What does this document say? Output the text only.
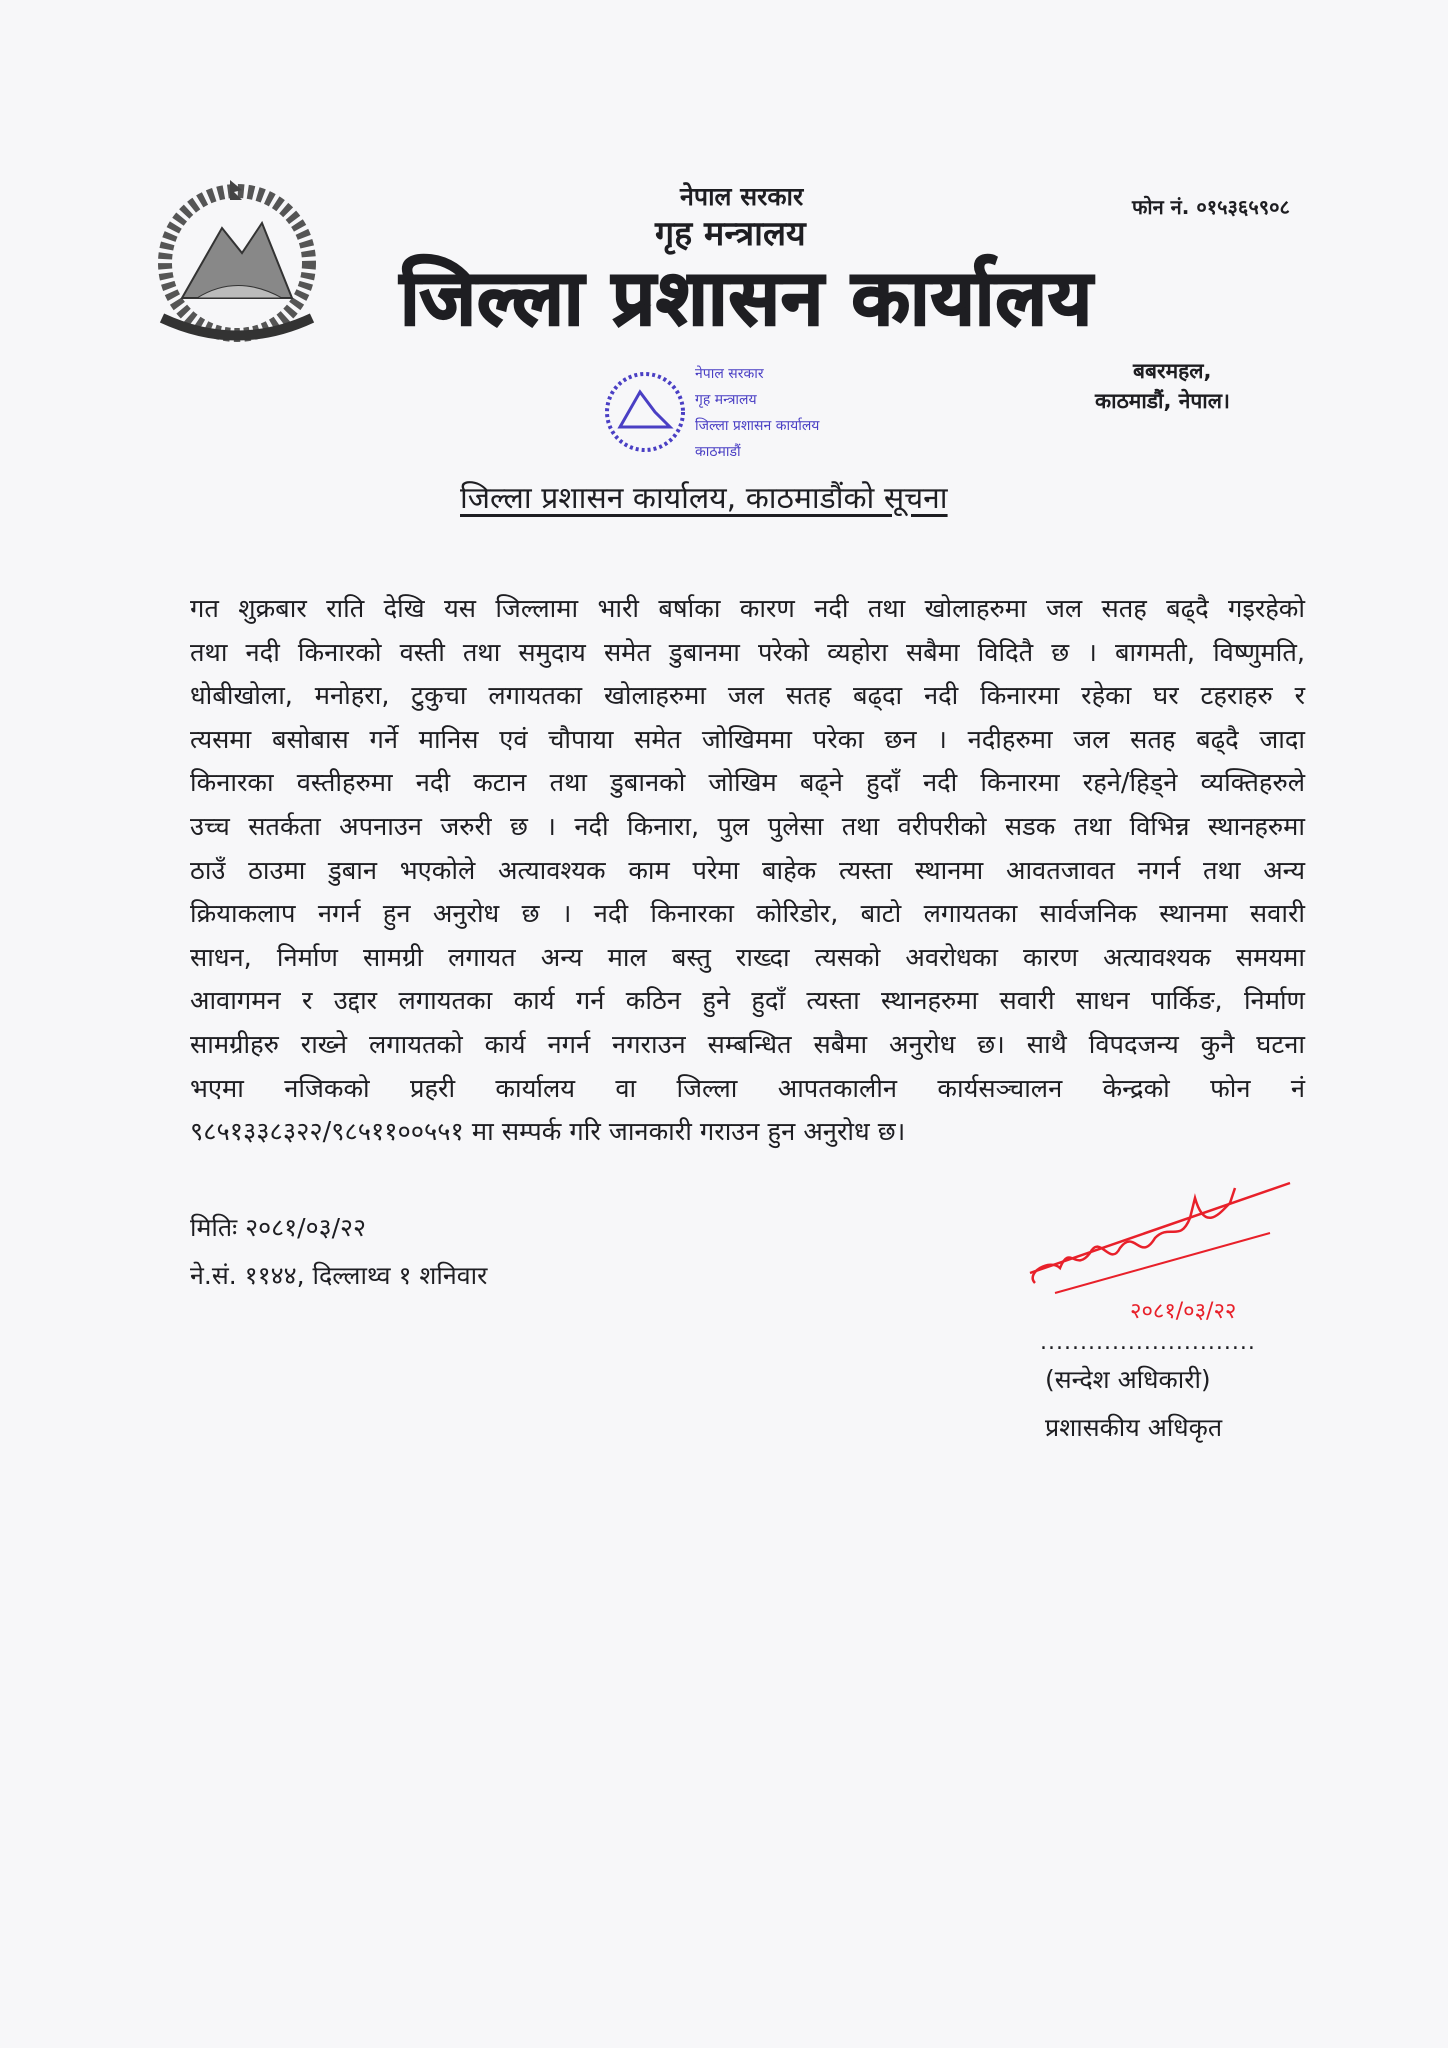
नेपाल सरकार
गृह मन्त्रालय
जिल्ला प्रशासन कार्यालय
फोन नं. ०१५३६५९०८
बबरमहल,
काठमाडौं, नेपाल।
नेपाल सरकार
गृह मन्त्रालय
जिल्ला प्रशासन कार्यालय
काठमाडौं
जिल्ला प्रशासन कार्यालय, काठमाडौंको सूचना
गत शुक्रबार राति देखि यस जिल्लामा भारी बर्षाका कारण नदी तथा खोलाहरुमा जल सतह बढ्दै गइरहेको
तथा नदी किनारको वस्ती तथा समुदाय समेत डुबानमा परेको व्यहोरा सबैमा विदितै छ । बागमती, विष्णुमति,
धोबीखोला, मनोहरा, टुकुचा लगायतका खोलाहरुमा जल सतह बढ्दा नदी किनारमा रहेका घर टहराहरु र
त्यसमा बसोबास गर्ने मानिस एवं चौपाया समेत जोखिममा परेका छन । नदीहरुमा जल सतह बढ्दै जादा
किनारका वस्तीहरुमा नदी कटान तथा डुबानको जोखिम बढ्ने हुदाँ नदी किनारमा रहने/हिड्ने व्यक्तिहरुले
उच्च सतर्कता अपनाउन जरुरी छ । नदी किनारा, पुल पुलेसा तथा वरीपरीको सडक तथा विभिन्न स्थानहरुमा
ठाउँ ठाउमा डुबान भएकोले अत्यावश्यक काम परेमा बाहेक त्यस्ता स्थानमा आवतजावत नगर्न तथा अन्य
क्रियाकलाप नगर्न हुन अनुरोध छ । नदी किनारका कोरिडोर, बाटो लगायतका सार्वजनिक स्थानमा सवारी
साधन, निर्माण सामग्री लगायत अन्य माल बस्तु राख्दा त्यसको अवरोधका कारण अत्यावश्यक समयमा
आवागमन र उद्दार लगायतका कार्य गर्न कठिन हुने हुदाँ त्यस्ता स्थानहरुमा सवारी साधन पार्किङ, निर्माण
सामग्रीहरु राख्ने लगायतको कार्य नगर्न नगराउन सम्बन्धित सबैमा अनुरोध छ। साथै विपदजन्य कुनै घटना
भएमा नजिकको प्रहरी कार्यालय वा जिल्ला आपतकालीन कार्यसञ्चालन केन्द्रको फोन नं
९८५१३३८३२२/९८५११००५५१ मा सम्पर्क गरि जानकारी गराउन हुन अनुरोध छ।
मितिः २०८१/०३/२२
ने.सं. ११४४, दिल्लाथ्व १ शनिवार
२०८१/०३/२२
...........................
(सन्देश अधिकारी)
प्रशासकीय अधिकृत
